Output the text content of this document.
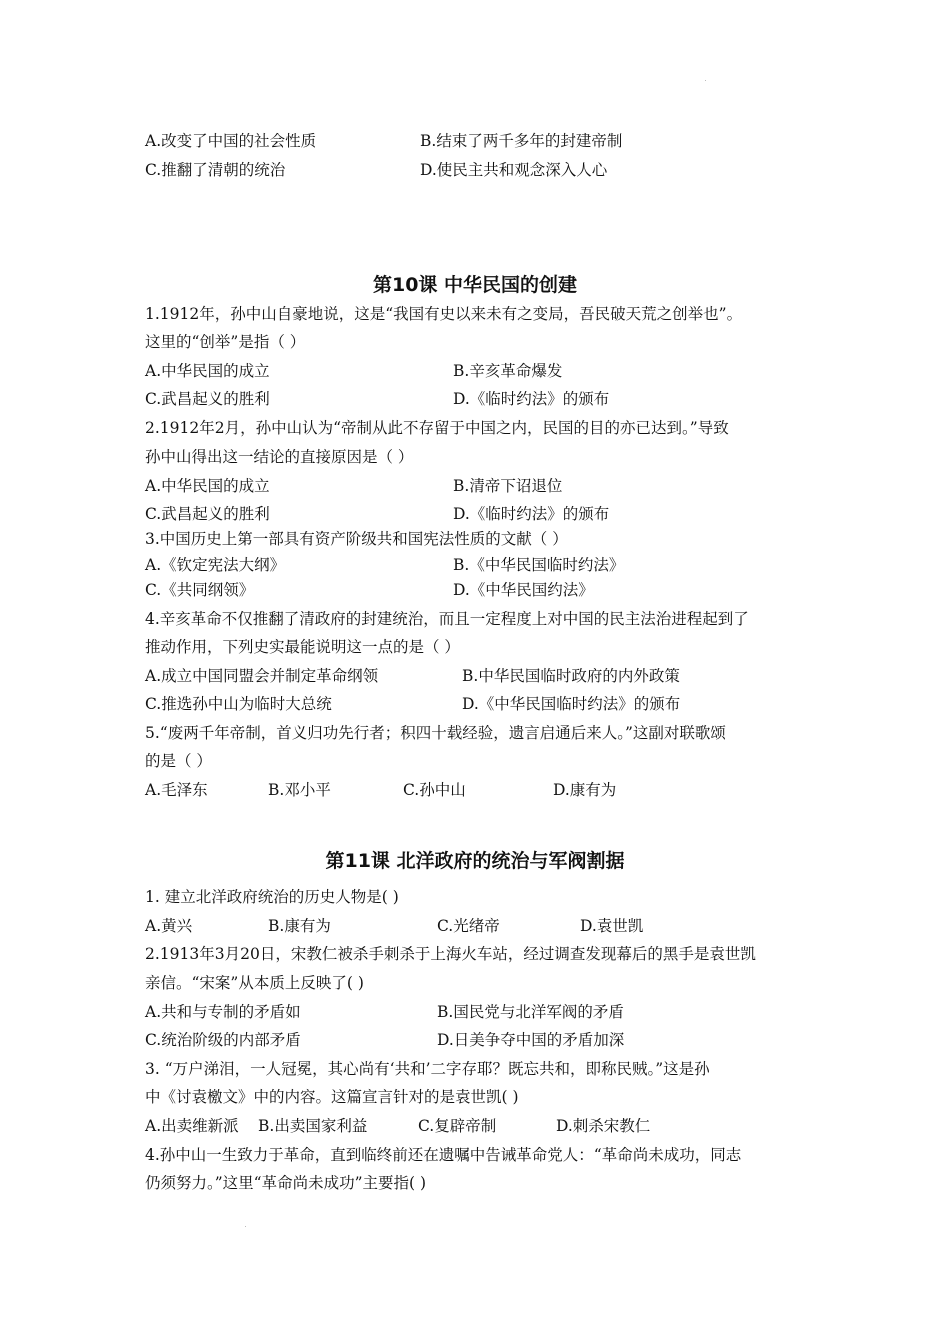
A.改变了中国的社会性质	B.结束了两千多年的封建帝制
C.推翻了清朝的统治	D.使民主共和观念深入人心
第10课 中华民国的创建
1.1912年，孙中山自豪地说，这是“我国有史以来未有之变局，吾民破天荒之创举也”。
这里的“创举”是指（ ）
A.中华民国的成立	B.辛亥革命爆发
C.武昌起义的胜利	D.《临时约法》的颁布
2.1912年2月，孙中山认为“帝制从此不存留于中国之内，民国的目的亦已达到。”导致
孙中山得出这一结论的直接原因是（ ）
A.中华民国的成立	B.清帝下诏退位
C.武昌起义的胜利	D.《临时约法》的颁布
3.中国历史上第一部具有资产阶级共和国宪法性质的文献（ ）
A.《钦定宪法大纲》	B.《中华民国临时约法》
C.《共同纲领》	D.《中华民国约法》
4.辛亥革命不仅推翻了清政府的封建统治，而且一定程度上对中国的民主法治进程起到了
推动作用，下列史实最能说明这一点的是（ ）
A.成立中国同盟会并制定革命纲领	B.中华民国临时政府的内外政策
C.推选孙中山为临时大总统	D.《中华民国临时约法》的颁布
5.“废两千年帝制，首义归功先行者；积四十载经验，遗言启通后来人。”这副对联歌颂
的是（ ）
A.毛泽东	B.邓小平	C.孙中山	D.康有为
第11课 北洋政府的统治与军阀割据
1. 建立北洋政府统治的历史人物是( )
A.黄兴	B.康有为	C.光绪帝	D.袁世凯
2.1913年3月20日，宋教仁被杀手刺杀于上海火车站，经过调查发现幕后的黑手是袁世凯
亲信。“宋案”从本质上反映了( )
A.共和与专制的矛盾如	B.国民党与北洋军阀的矛盾
C.统治阶级的内部矛盾	D.日美争夺中国的矛盾加深
3. “万户涕泪，一人冠冕，其心尚有‘共和’二字存耶？既忘共和，即称民贼。”这是孙
中《讨袁檄文》中的内容。这篇宣言针对的是袁世凯( )
A.出卖维新派 B.出卖国家利益	C.复辟帝制	D.刺杀宋教仁
4.孙中山一生致力于革命，直到临终前还在遗嘱中告诫革命党人：“革命尚未成功，同志
仍须努力。”这里“革命尚未成功”主要指( )
